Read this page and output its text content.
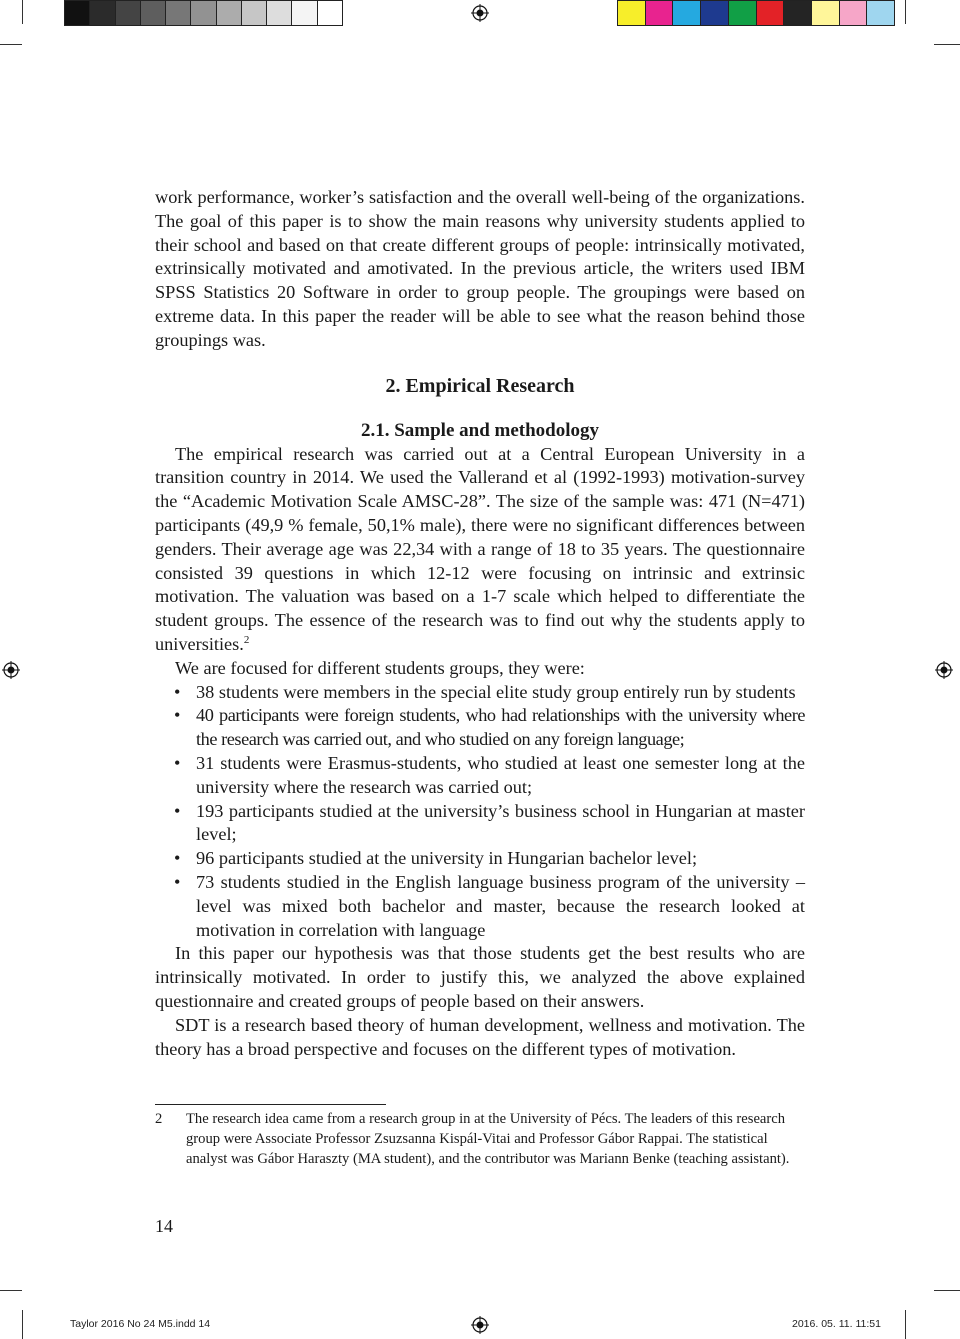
work performance, worker’s satisfaction and the overall well-being of the organizations. The goal of this paper is to show the main reasons why university students applied to their school and based on that create different groups of people: intrinsically motivated, extrinsically motivated and amotivated. In the previous article, the writers used IBM SPSS Statistics 20 Software in order to group people. The groupings were based on extreme data. In this paper the reader will be able to see what the reason behind those groupings was.

2. Empirical Research
2.1. Sample and methodology

The empirical research was carried out at a Central European University in a transition country in 2014. We used the Vallerand et al (1992-1993) motivation-survey the “Academic Motivation Scale AMSC-28”. The size of the sample was: 471 (N=471) participants (49,9 % female, 50,1% male), there were no significant differences between genders. Their average age was 22,34 with a range of 18 to 35 years. The questionnaire consisted 39 questions in which 12-12 were focusing on intrinsic and extrinsic motivation. The valuation was based on a 1-7 scale which helped to differentiate the student groups. The essence of the research was to find out why the students apply to universities.$^2$

We are focused for different students groups, they were:

• 38 students were members in the special elite study group entirely run by students
• 40 participants were foreign students, who had relationships with the university where the research was carried out, and who studied on any foreign language;
• 31 students were Erasmus-students, who studied at least one semester long at the university where the research was carried out;
• 193 participants studied at the university’s business school in Hungarian at master level;
• 96 participants studied at the university in Hungarian bachelor level;
• 73 students studied in the English language business program of the university – level was mixed both bachelor and master, because the research looked at motivation in correlation with language

In this paper our hypothesis was that those students get the best results who are intrinsically motivated. In order to justify this, we analyzed the above explained questionnaire and created groups of people based on their answers.

SDT is a research based theory of human development, wellness and motivation. The theory has a broad perspective and focuses on the different types of motivation.

2 The research idea came from a research group in at the University of Pécs. The leaders of this research group were Associate Professor Zsuzsanna Kispál-Vitai and Professor Gábor Rappai. The statistical analyst was Gábor Haraszty (MA student), and the contributor was Mariann Benke (teaching assistant).
14
Taylor 2016 No 24 M5.indd 14	2016. 05. 11. 11:51
